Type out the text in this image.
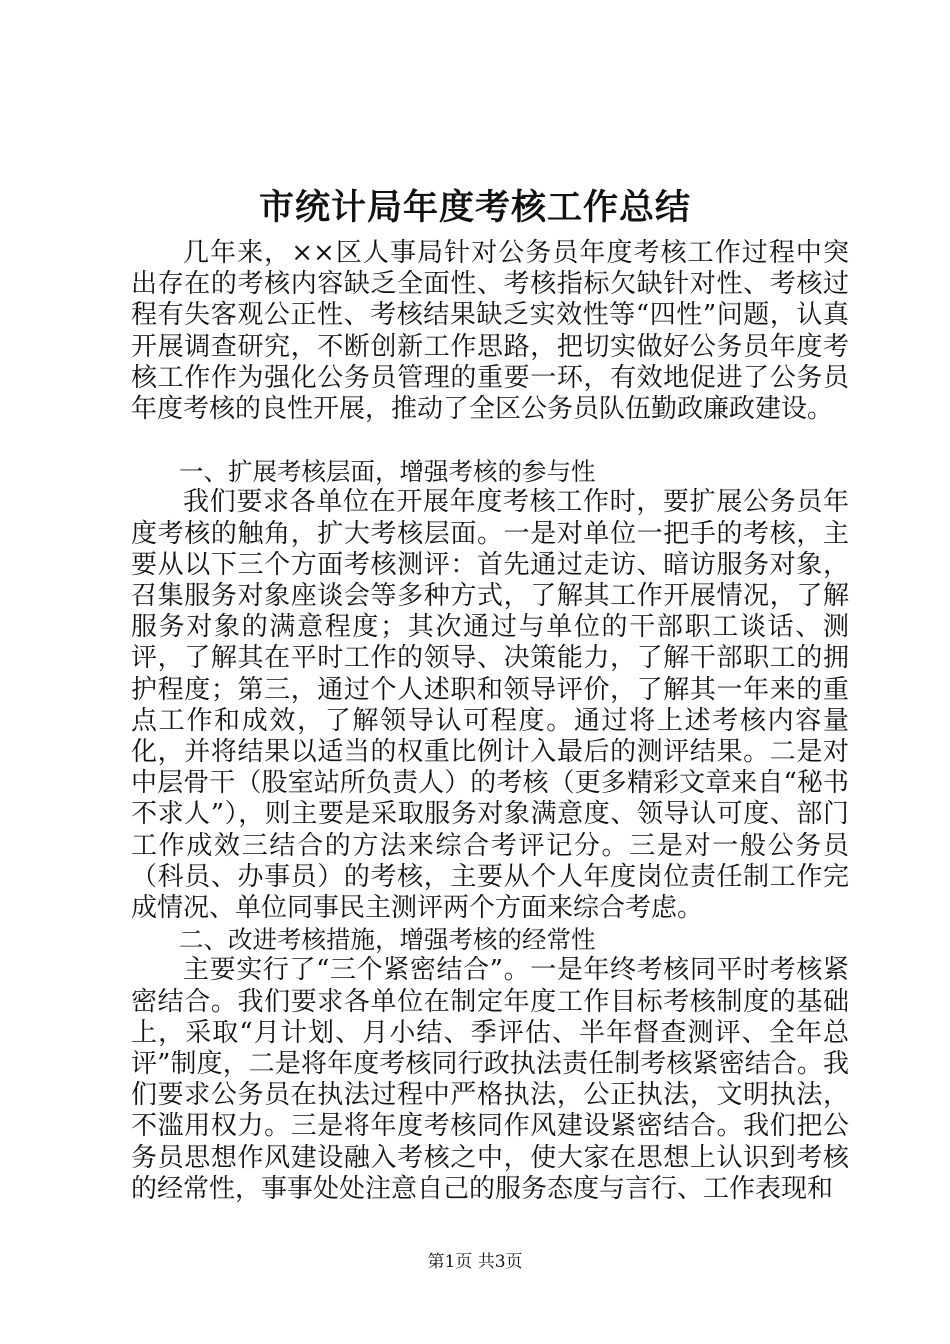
市统计局年度考核工作总结

几年来，××区人事局针对公务员年度考核工作过程中突出存在的考核内容缺乏全面性、考核指标欠缺针对性、考核过程有失客观公正性、考核结果缺乏实效性等“四性”问题，认真开展调查研究，不断创新工作思路，把切实做好公务员年度考核工作作为强化公务员管理的重要一环，有效地促进了公务员年度考核的良性开展，推动了全区公务员队伍勤政廉政建设。

一、扩展考核层面，增强考核的参与性

我们要求各单位在开展年度考核工作时，要扩展公务员年度考核的触角，扩大考核层面。一是对单位一把手的考核，主要从以下三个方面考核测评：首先通过走访、暗访服务对象，召集服务对象座谈会等多种方式，了解其工作开展情况，了解服务对象的满意程度；其次通过与单位的干部职工谈话、测评，了解其在平时工作的领导、决策能力，了解干部职工的拥护程度；第三，通过个人述职和领导评价，了解其一年来的重点工作和成效，了解领导认可程度。通过将上述考核内容量化，并将结果以适当的权重比例计入最后的测评结果。二是对中层骨干（股室站所负责人）的考核（更多精彩文章来自“秘书不求人”），则主要是采取服务对象满意度、领导认可度、部门工作成效三结合的方法来综合考评记分。三是对一般公务员（科员、办事员）的考核，主要从个人年度岗位责任制工作完成情况、单位同事民主测评两个方面来综合考虑。

二、改进考核措施，增强考核的经常性

主要实行了“三个紧密结合”。一是年终考核同平时考核紧密结合。我们要求各单位在制定年度工作目标考核制度的基础上，采取“月计划、月小结、季评估、半年督查测评、全年总评”制度，二是将年度考核同行政执法责任制考核紧密结合。我们要求公务员在执法过程中严格执法，公正执法，文明执法，不滥用权力。三是将年度考核同作风建设紧密结合。我们把公务员思想作风建设融入考核之中，使大家在思想上认识到考核的经常性，事事处处注意自己的服务态度与言行、工作表现和

第1页 共3页
